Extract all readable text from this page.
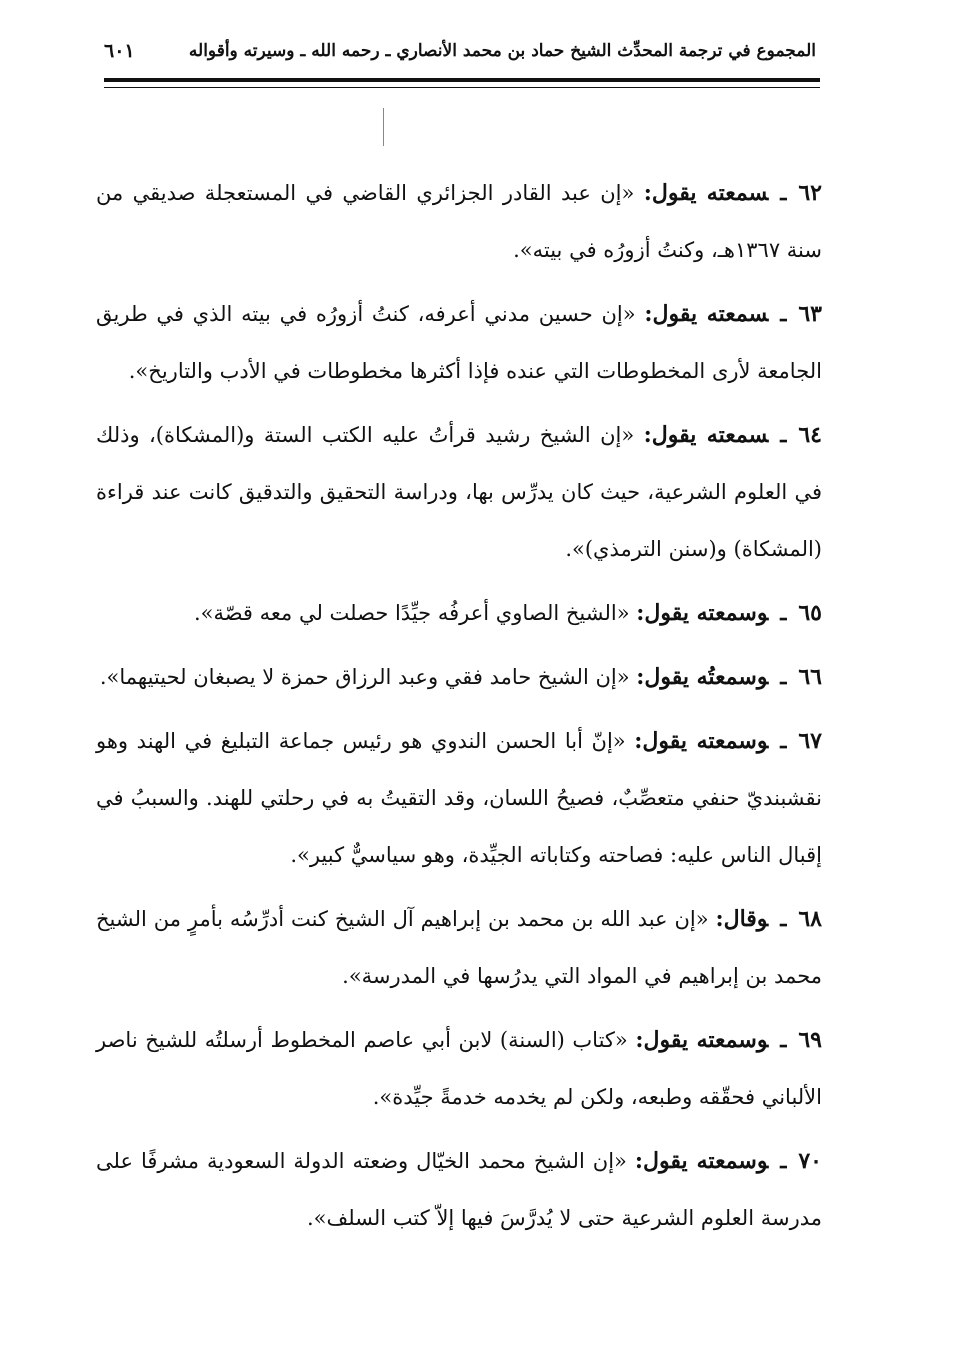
المجموع في ترجمة المحدِّث الشيخ حماد بن محمد الأنصاري ـ رحمه الله ـ وسيرته وأقواله
٦٠١

٦٢ـسمعته يقول: «إن عبد القادر الجزائري القاضي في المستعجلة صديقي من سنة ١٣٦٧هـ، وكنتُ أزورُه في بيته».

٦٣ـسمعته يقول: «إن حسين مدني أعرفه، كنتُ أزورُه في بيته الذي في طريق الجامعة لأرى المخطوطات التي عنده فإذا أكثرها مخطوطات في الأدب والتاريخ».

٦٤ـسمعته يقول: «إن الشيخ رشيد قرأتُ عليه الكتب الستة و(المشكاة)، وذلك في العلوم الشرعية، حيث كان يدرِّس بها، ودراسة التحقيق والتدقيق كانت عند قراءة (المشكاة) و(سنن الترمذي)».

٦٥ـوسمعته يقول: «الشيخ الصاوي أعرفُه جيِّدًا حصلت لي معه قصّة».

٦٦ـوسمعتُه يقول: «إن الشيخ حامد فقي وعبد الرزاق حمزة لا يصبغان لحيتيهما».

٦٧ـوسمعته يقول: «إنّ أبا الحسن الندوي هو رئيس جماعة التبليغ في الهند وهو نقشبنديّ حنفي متعصِّبٌ، فصيحُ اللسان، وقد التقيتُ به في رحلتي للهند. والسببُ في إقبال الناس عليه: فصاحته وكتاباته الجيِّدة، وهو سياسيٌّ كبير».

٦٨ـوقال: «إن عبد الله بن محمد بن إبراهيم آل الشيخ كنت أدرِّسُه بأمرٍ من الشيخ محمد بن إبراهيم في المواد التي يدرُسها في المدرسة».

٦٩ـوسمعته يقول: «كتاب (السنة) لابن أبي عاصم المخطوط أرسلتُه للشيخ ناصر الألباني فحقّقه وطبعه، ولكن لم يخدمه خدمةً جيِّدة».

٧٠ـوسمعته يقول: «إن الشيخ محمد الخيّال وضعته الدولة السعودية مشرفًا على مدرسة العلوم الشرعية حتى لا يُدرَّسَ فيها إلاّ كتب السلف».
